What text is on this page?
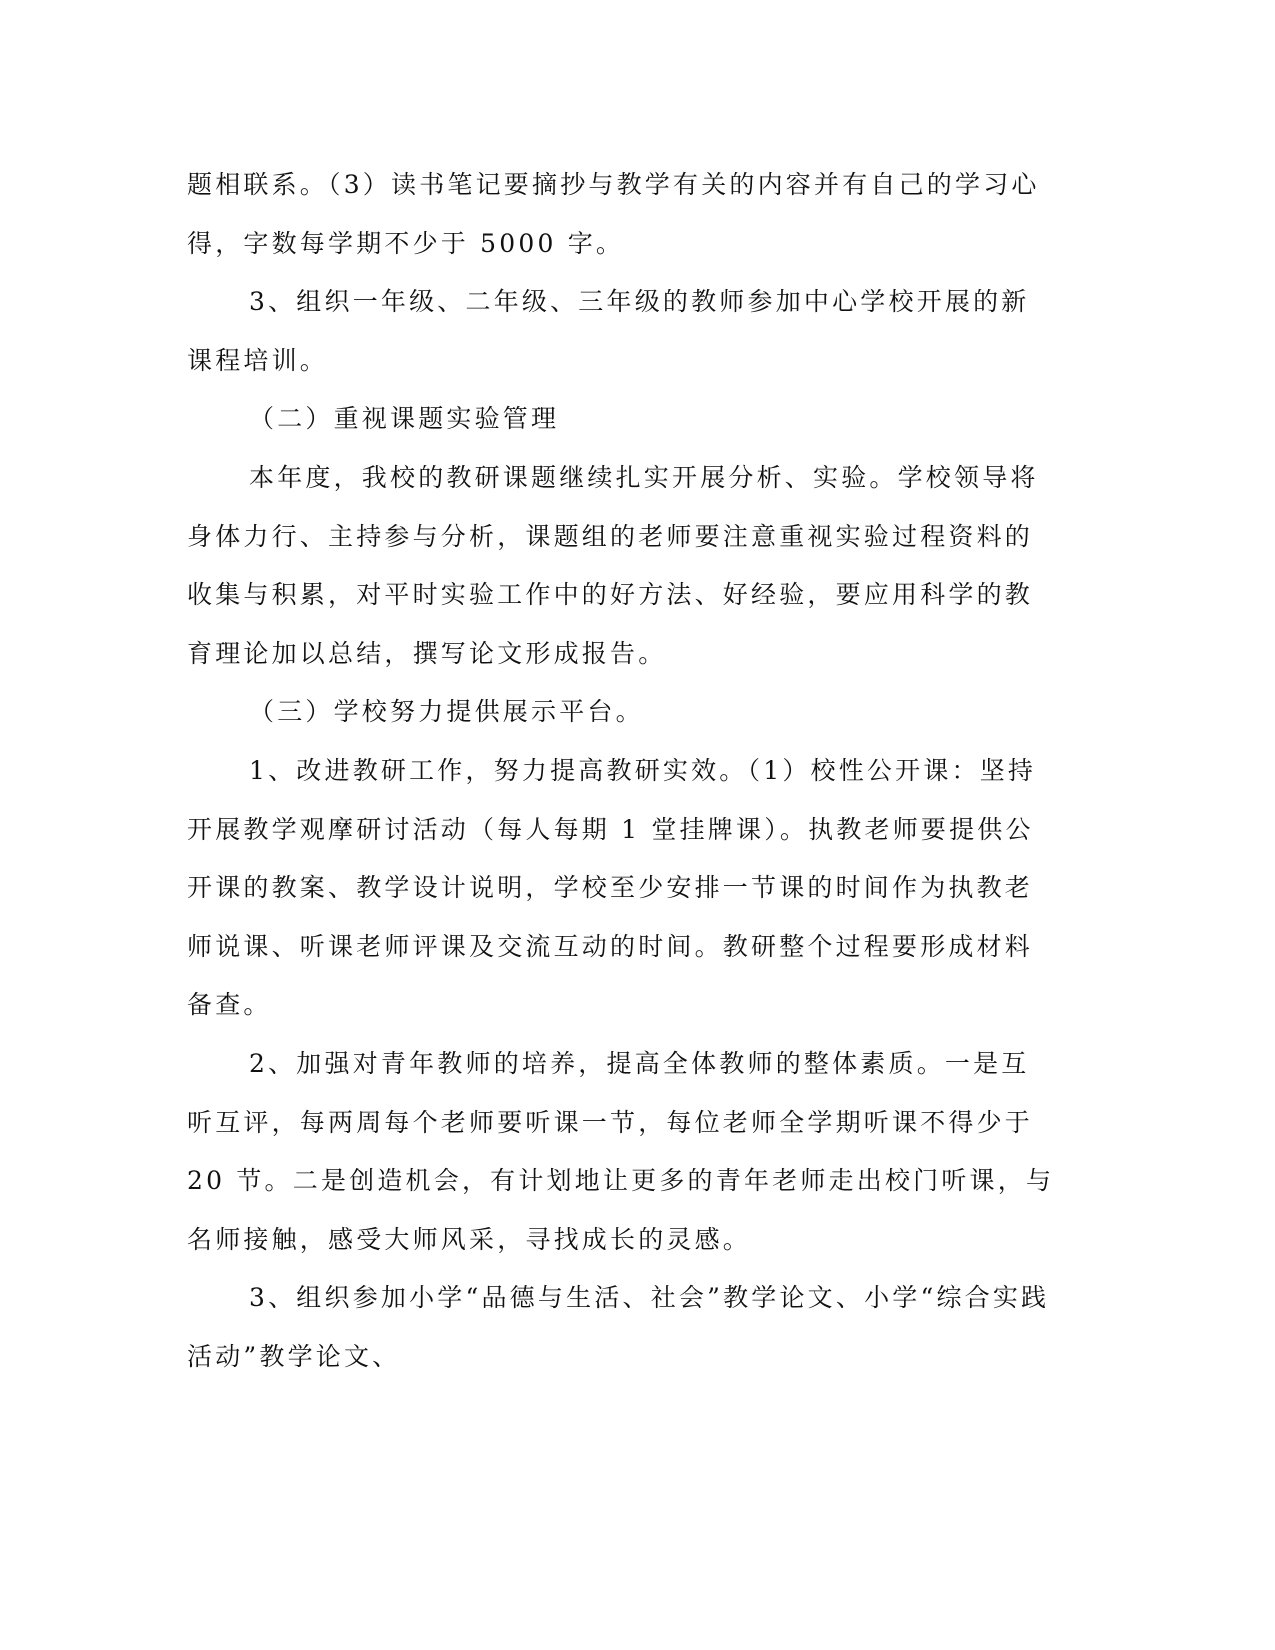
题相联系。（3）读书笔记要摘抄与教学有关的内容并有自己的学习心
得，字数每学期不少于 5000 字。
3、组织一年级、二年级、三年级的教师参加中心学校开展的新
课程培训。
（二）重视课题实验管理
本年度，我校的教研课题继续扎实开展分析、实验。学校领导将
身体力行、主持参与分析，课题组的老师要注意重视实验过程资料的
收集与积累，对平时实验工作中的好方法、好经验，要应用科学的教
育理论加以总结，撰写论文形成报告。
（三）学校努力提供展示平台。
1、改进教研工作，努力提高教研实效。（1）校性公开课：坚持
开展教学观摩研讨活动（每人每期 1 堂挂牌课）。执教老师要提供公
开课的教案、教学设计说明，学校至少安排一节课的时间作为执教老
师说课、听课老师评课及交流互动的时间。教研整个过程要形成材料
备查。
2、加强对青年教师的培养，提高全体教师的整体素质。一是互
听互评，每两周每个老师要听课一节，每位老师全学期听课不得少于
20 节。二是创造机会，有计划地让更多的青年老师走出校门听课，与
名师接触，感受大师风采，寻找成长的灵感。
3、组织参加小学“品德与生活、社会”教学论文、小学“综合实践
活动”教学论文、
